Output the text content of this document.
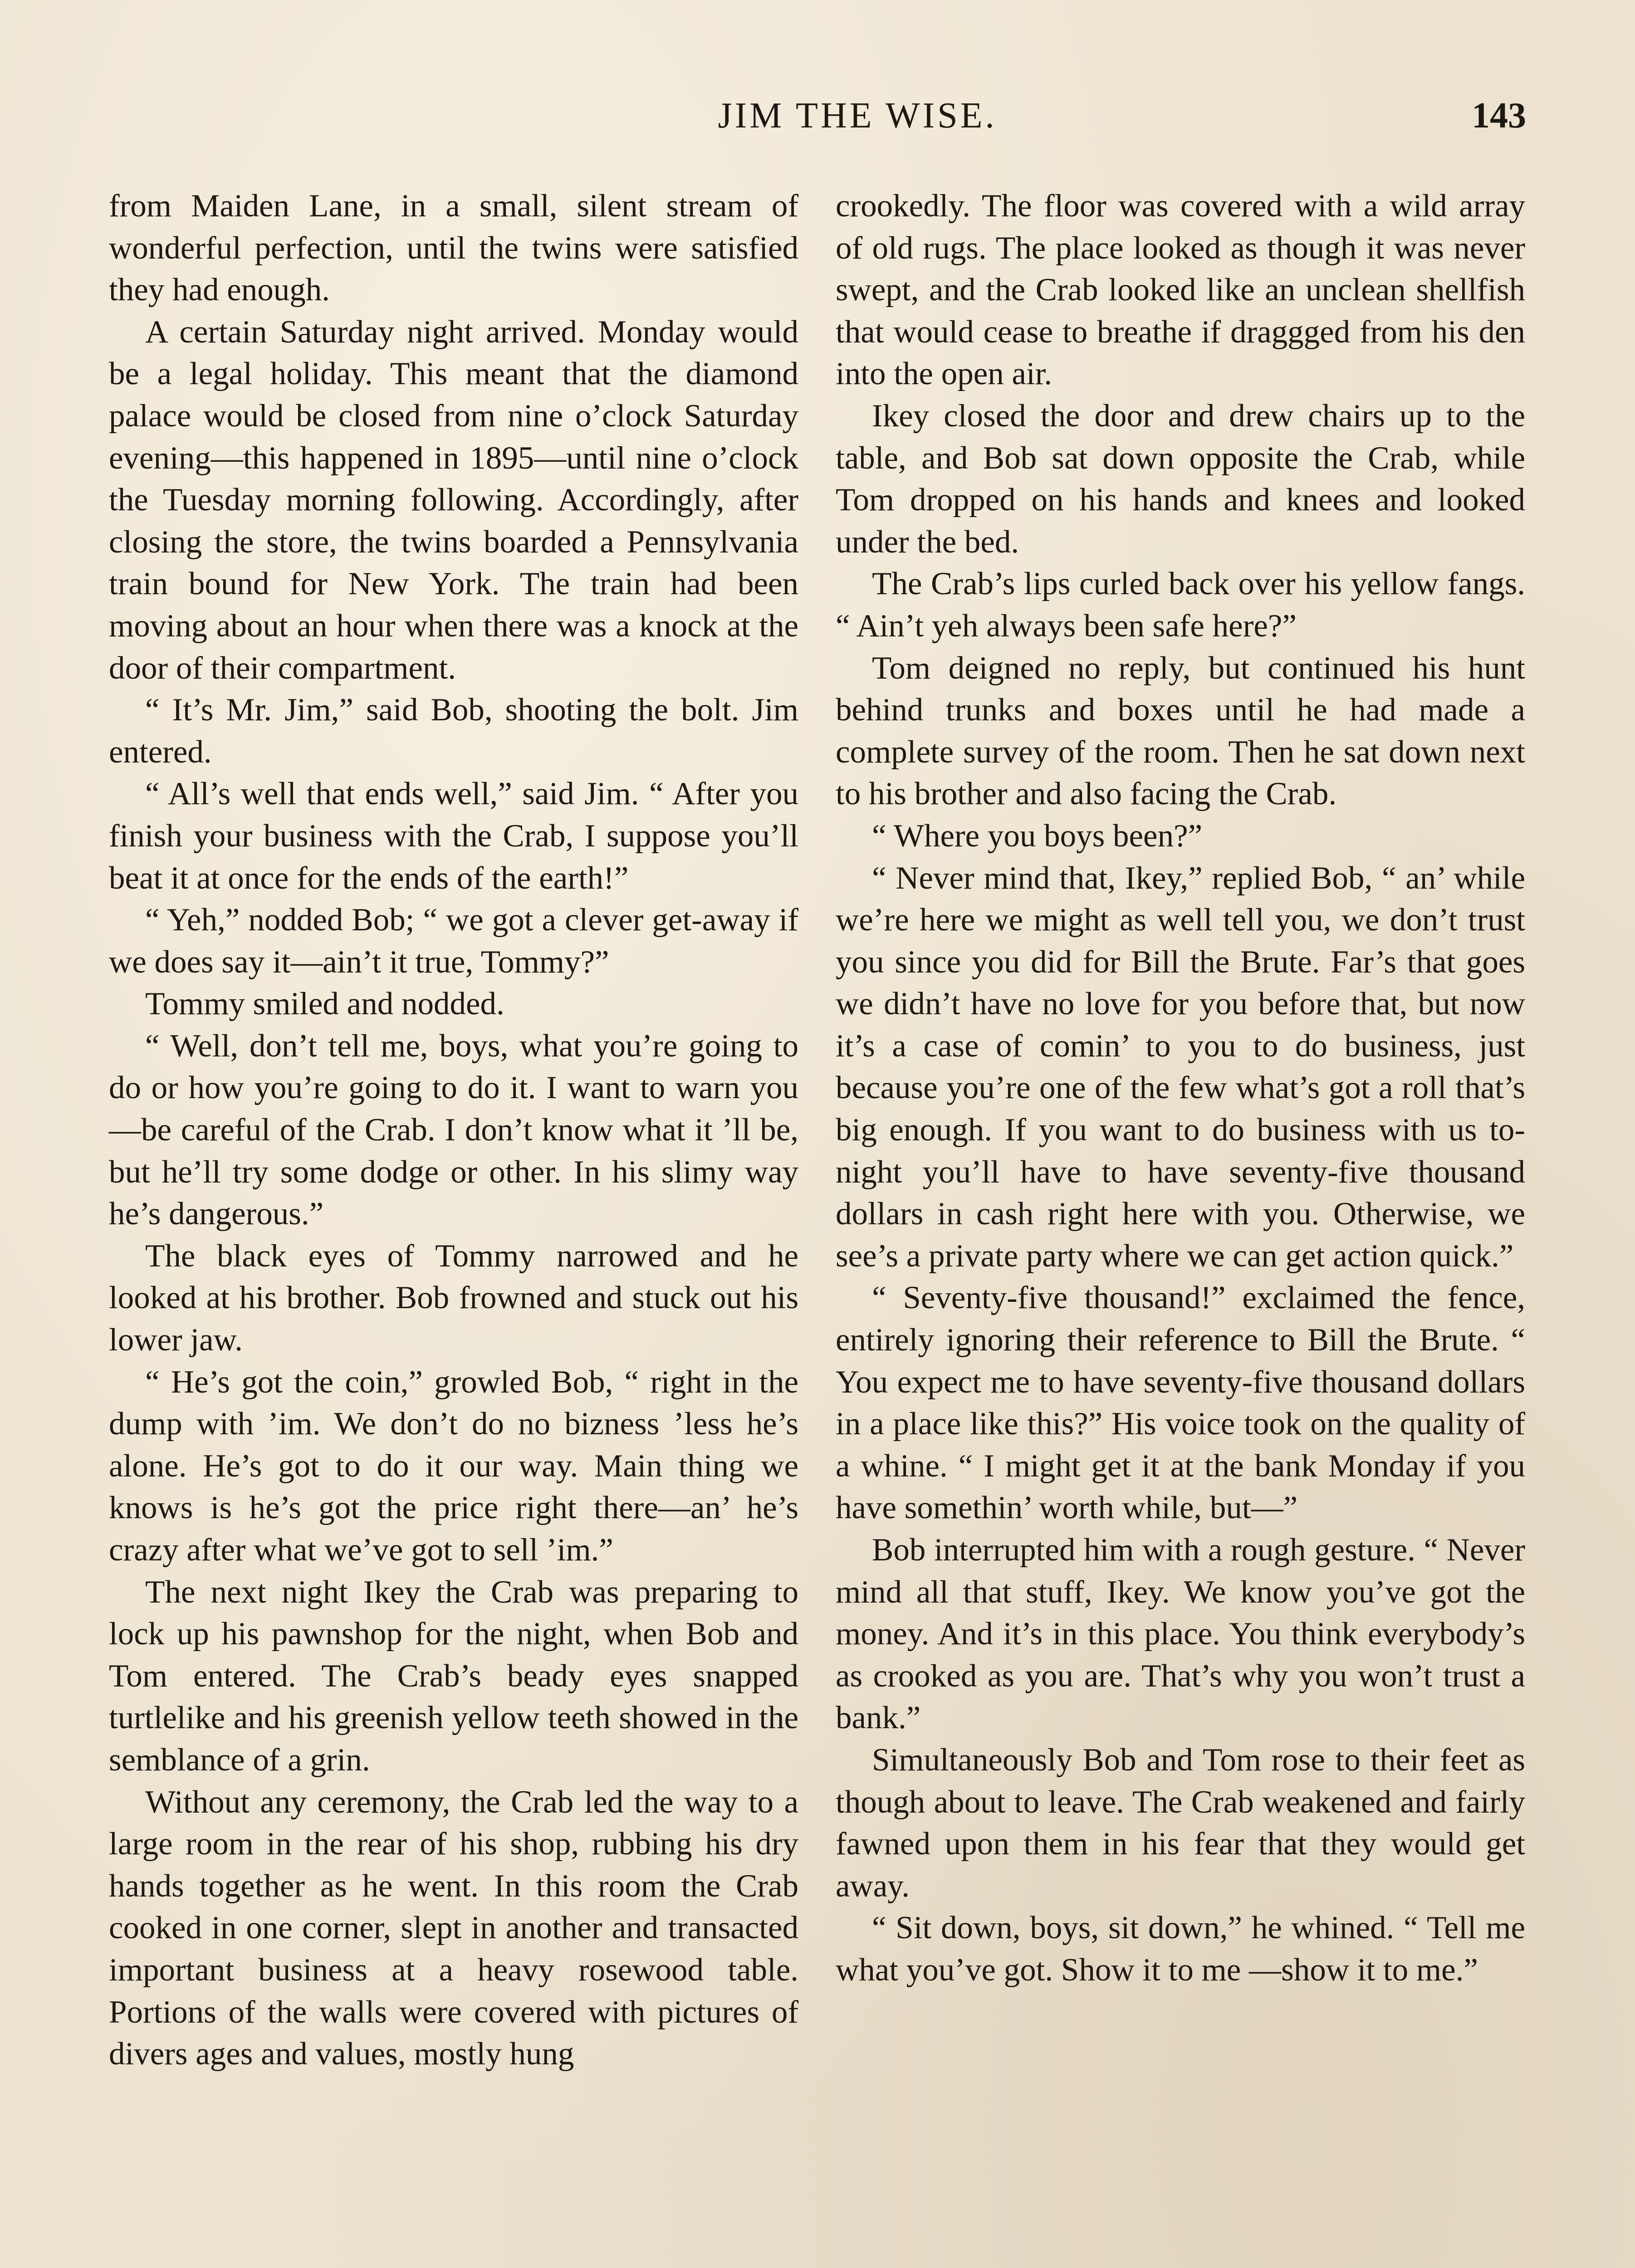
JIM THE WISE.	143

from Maiden Lane, in a small, silent stream of wonderful perfection, until the twins were satisfied they had enough.

A certain Saturday night arrived. Monday would be a legal holiday. This meant that the diamond palace would be closed from nine o’clock Saturday evening—this happened in 1895—until nine o’clock the Tuesday morning following. Accordingly, after closing the store, the twins boarded a Pennsylvania train bound for New York. The train had been moving about an hour when there was a knock at the door of their compartment.

“ It’s Mr. Jim,” said Bob, shooting the bolt. Jim entered.

“ All’s well that ends well,” said Jim. “ After you finish your business with the Crab, I suppose you’ll beat it at once for the ends of the earth!”

“ Yeh,” nodded Bob; “ we got a clever get-away if we does say it—ain’t it true, Tommy?”

Tommy smiled and nodded.

“ Well, don’t tell me, boys, what you’re going to do or how you’re going to do it. I want to warn you—be careful of the Crab. I don’t know what it ’ll be, but he’ll try some dodge or other. In his slimy way he’s dangerous.”

The black eyes of Tommy narrowed and he looked at his brother. Bob frowned and stuck out his lower jaw.

“ He’s got the coin,” growled Bob, “ right in the dump with ’im. We don’t do no bizness ’less he’s alone. He’s got to do it our way. Main thing we knows is he’s got the price right there—an’ he’s crazy after what we’ve got to sell ’im.”

The next night Ikey the Crab was preparing to lock up his pawnshop for the night, when Bob and Tom entered. The Crab’s beady eyes snapped turtlelike and his greenish yellow teeth showed in the semblance of a grin.

Without any ceremony, the Crab led the way to a large room in the rear of his shop, rubbing his dry hands together as he went. In this room the Crab cooked in one corner, slept in another and transacted important business at a heavy rosewood table. Portions of the walls were covered with pictures of divers ages and values, mostly hung

crookedly. The floor was covered with a wild array of old rugs. The place looked as though it was never swept, and the Crab looked like an unclean shellfish that would cease to breathe if draggged from his den into the open air.

Ikey closed the door and drew chairs up to the table, and Bob sat down opposite the Crab, while Tom dropped on his hands and knees and looked under the bed.

The Crab’s lips curled back over his yellow fangs. “ Ain’t yeh always been safe here?”

Tom deigned no reply, but continued his hunt behind trunks and boxes until he had made a complete survey of the room. Then he sat down next to his brother and also facing the Crab.

“ Where you boys been?”

“ Never mind that, Ikey,” replied Bob, “ an’ while we’re here we might as well tell you, we don’t trust you since you did for Bill the Brute. Far’s that goes we didn’t have no love for you before that, but now it’s a case of comin’ to you to do business, just because you’re one of the few what’s got a roll that’s big enough. If you want to do business with us to-night you’ll have to have seventy-five thousand dollars in cash right here with you. Otherwise, we see’s a private party where we can get action quick.”

“ Seventy-five thousand!” exclaimed the fence, entirely ignoring their reference to Bill the Brute. “ You expect me to have seventy-five thousand dollars in a place like this?” His voice took on the quality of a whine. “ I might get it at the bank Monday if you have somethin’ worth while, but—”

Bob interrupted him with a rough gesture. “ Never mind all that stuff, Ikey. We know you’ve got the money. And it’s in this place. You think everybody’s as crooked as you are. That’s why you won’t trust a bank.”

Simultaneously Bob and Tom rose to their feet as though about to leave. The Crab weakened and fairly fawned upon them in his fear that they would get away.

“ Sit down, boys, sit down,” he whined. “ Tell me what you’ve got. Show it to me —show it to me.”
